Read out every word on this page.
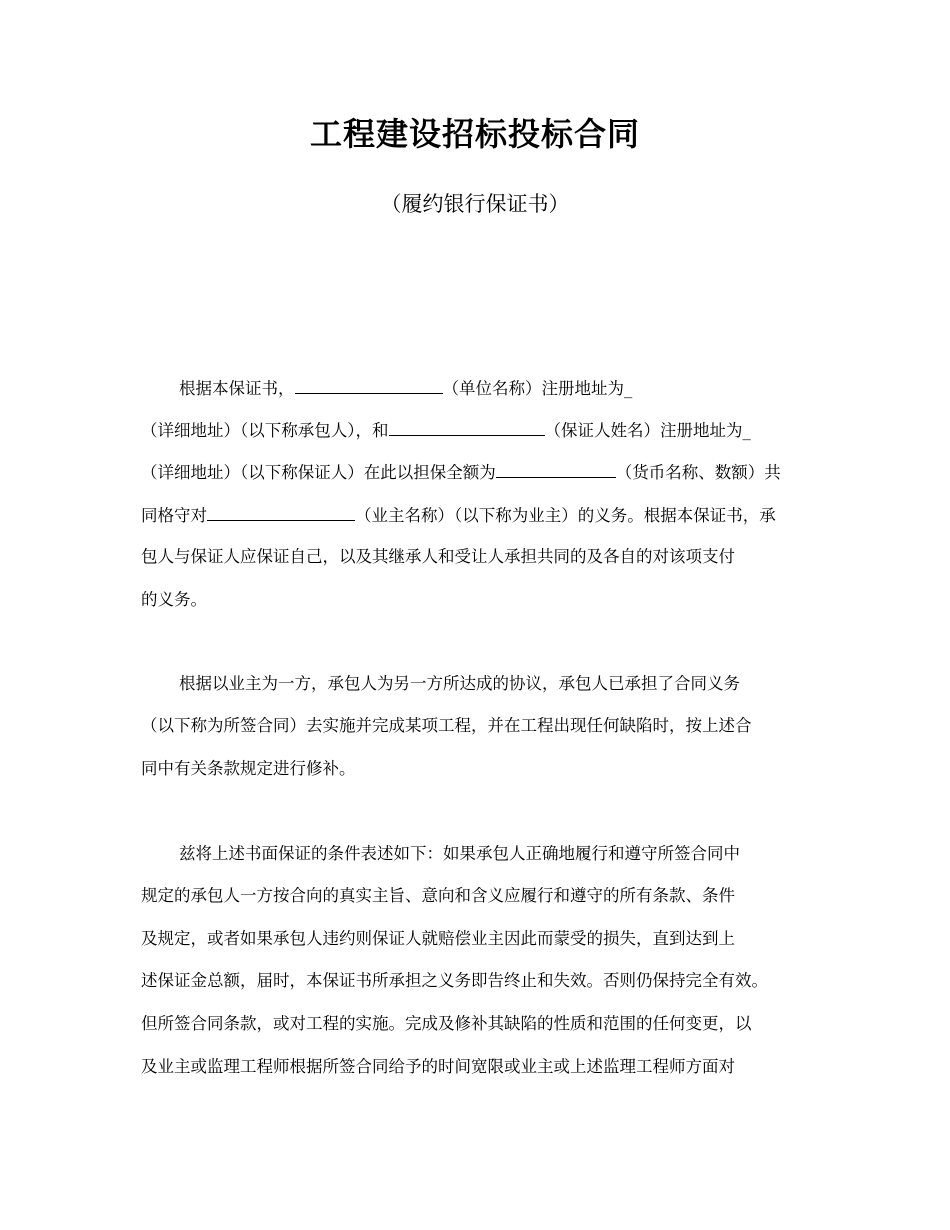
工程建设招标投标合同
（履约银行保证书）
根据本保证书，	（单位名称）注册地址为_
（详细地址）（以下称承包人），和	（保证人姓名）注册地址为_
（详细地址）（以下称保证人）在此以担保全额为	（货币名称、数额）共
同格守对	（业主名称）（以下称为业主）的义务。根据本保证书，承
包人与保证人应保证自己，以及其继承人和受让人承担共同的及各自的对该项支付
的义务。
根据以业主为一方，承包人为另一方所达成的协议，承包人已承担了合同义务
（以下称为所签合同）去实施并完成某项工程，并在工程出现任何缺陷时，按上述合
同中有关条款规定进行修补。
兹将上述书面保证的条件表述如下：如果承包人正确地履行和遵守所签合同中
规定的承包人一方按合向的真实主旨、意向和含义应履行和遵守的所有条款、条件
及规定，或者如果承包人违约则保证人就赔偿业主因此而蒙受的损失，直到达到上
述保证金总额，届时，本保证书所承担之义务即告终止和失效。否则仍保持完全有效。
但所签合同条款，或对工程的实施。完成及修补其缺陷的性质和范围的任何变更，以
及业主或监理工程师根据所签合同给予的时间宽限或业主或上述监理工程师方面对
